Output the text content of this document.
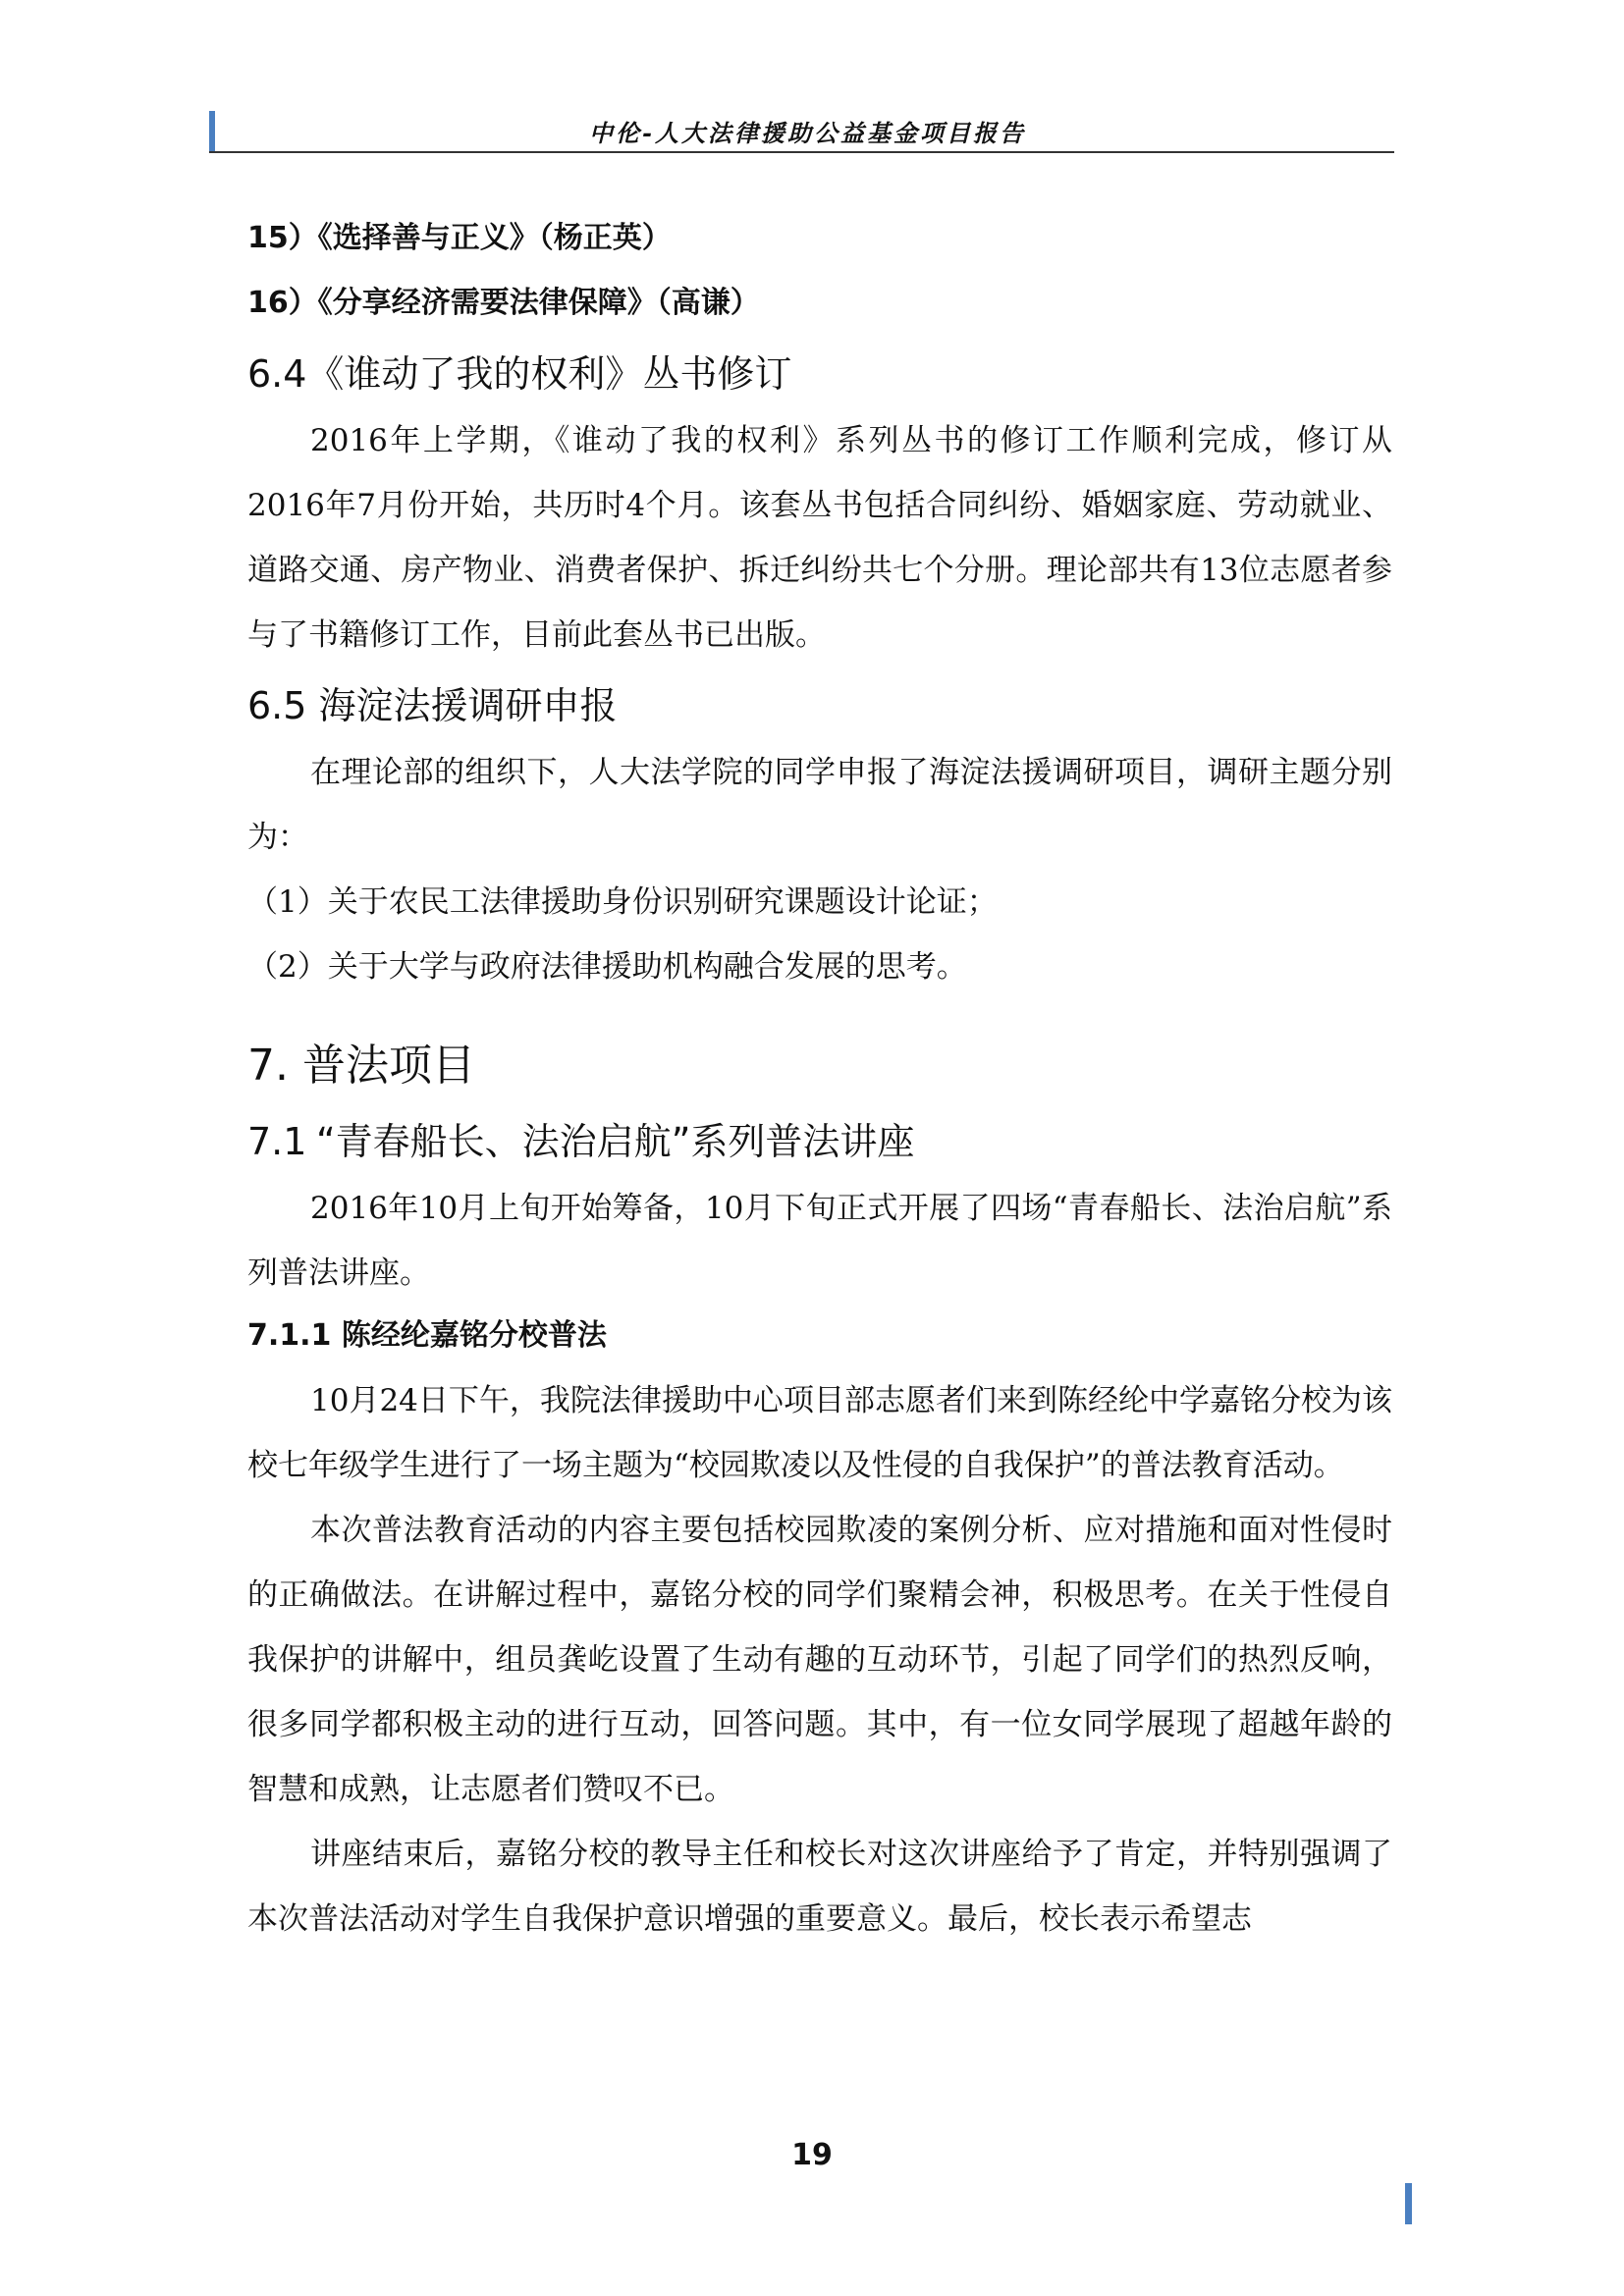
中伦-人大法律援助公益基金项目报告
15）《选择善与正义》（杨正英）
16）《分享经济需要法律保障》（高谦）
6.4《谁动了我的权利》丛书修订

2016年上学期，《谁动了我的权利》系列丛书的修订工作顺利完成，修订从2016年7月份开始，共历时4个月。该套丛书包括合同纠纷、婚姻家庭、劳动就业、道路交通、房产物业、消费者保护、拆迁纠纷共七个分册。理论部共有13位志愿者参与了书籍修订工作，目前此套丛书已出版。

6.5 海淀法援调研申报

在理论部的组织下，人大法学院的同学申报了海淀法援调研项目，调研主题分别为：

（1）关于农民工法律援助身份识别研究课题设计论证；

（2）关于大学与政府法律援助机构融合发展的思考。

7. 普法项目
7.1 “青春船长、法治启航”系列普法讲座

2016年10月上旬开始筹备，10月下旬正式开展了四场“青春船长、法治启航”系列普法讲座。

7.1.1 陈经纶嘉铭分校普法

10月24日下午，我院法律援助中心项目部志愿者们来到陈经纶中学嘉铭分校为该校七年级学生进行了一场主题为“校园欺凌以及性侵的自我保护”的普法教育活动。

本次普法教育活动的内容主要包括校园欺凌的案例分析、应对措施和面对性侵时的正确做法。在讲解过程中，嘉铭分校的同学们聚精会神，积极思考。在关于性侵自我保护的讲解中，组员龚屹设置了生动有趣的互动环节，引起了同学们的热烈反响，很多同学都积极主动的进行互动，回答问题。其中，有一位女同学展现了超越年龄的智慧和成熟，让志愿者们赞叹不已。

讲座结束后，嘉铭分校的教导主任和校长对这次讲座给予了肯定，并特别强调了本次普法活动对学生自我保护意识增强的重要意义。最后，校长表示希望志

19
